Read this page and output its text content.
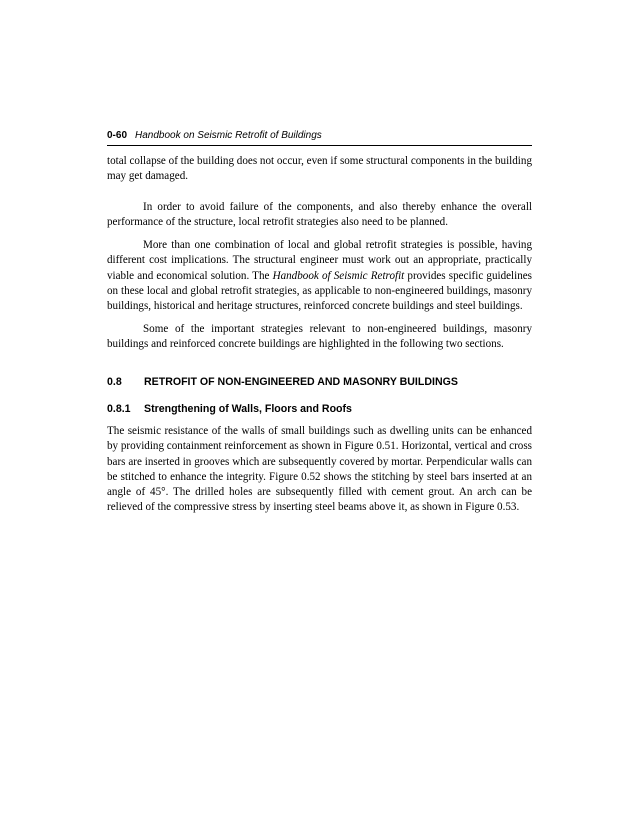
0-60 Handbook on Seismic Retrofit of Buildings

total collapse of the building does not occur, even if some structural components in the building may get damaged.

In order to avoid failure of the components, and also thereby enhance the overall performance of the structure, local retrofit strategies also need to be planned.

More than one combination of local and global retrofit strategies is possible, having different cost implications. The structural engineer must work out an appropriate, practically viable and economical solution. The Handbook of Seismic Retrofit provides specific guidelines on these local and global retrofit strategies, as applicable to non-engineered buildings, masonry buildings, historical and heritage structures, reinforced concrete buildings and steel buildings.

Some of the important strategies relevant to non-engineered buildings, masonry buildings and reinforced concrete buildings are highlighted in the following two sections.

0.8 RETROFIT OF NON-ENGINEERED AND MASONRY BUILDINGS

0.8.1 Strengthening of Walls, Floors and Roofs

The seismic resistance of the walls of small buildings such as dwelling units can be enhanced by providing containment reinforcement as shown in Figure 0.51. Horizontal, vertical and cross bars are inserted in grooves which are subsequently covered by mortar. Perpendicular walls can be stitched to enhance the integrity. Figure 0.52 shows the stitching by steel bars inserted at an angle of 45°. The drilled holes are subsequently filled with cement grout. An arch can be relieved of the compressive stress by inserting steel beams above it, as shown in Figure 0.53.
